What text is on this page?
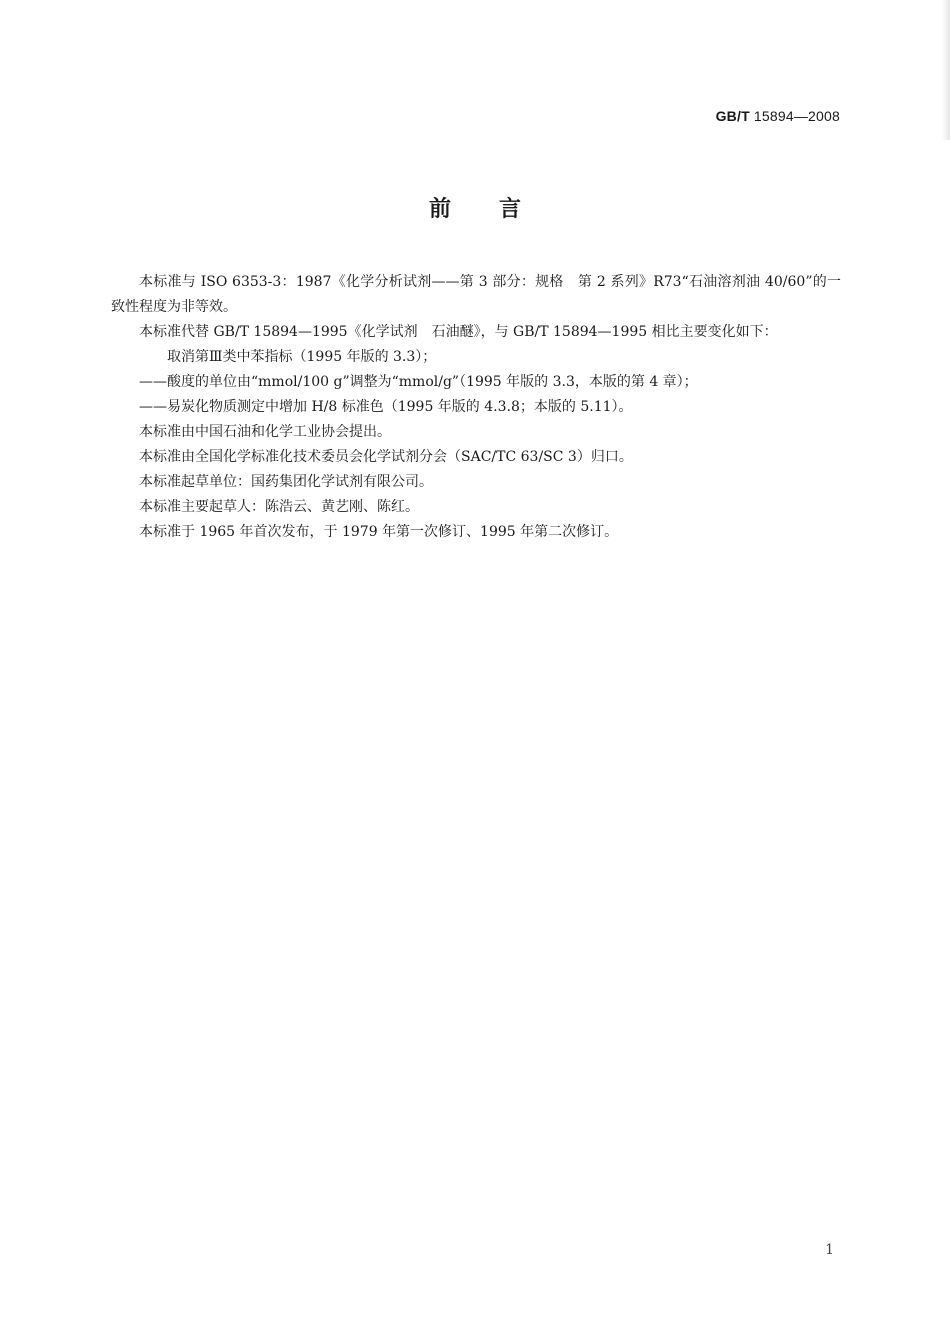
GB/T 15894—2008
前言

本标准与 ISO 6353-3：1987《化学分析试剂——第 3 部分：规格　第 2 系列》R73“石油溶剂油 40/60”的一致性程度为非等效。

本标准代替 GB/T 15894—1995《化学试剂　石油醚》，与 GB/T 15894—1995 相比主要变化如下：

取消第Ⅲ类中苯指标（1995 年版的 3.3）；

——酸度的单位由“mmol/100 g”调整为“mmol/g”（1995 年版的 3.3，本版的第 4 章）；

——易炭化物质测定中增加 H/8 标准色（1995 年版的 4.3.8；本版的 5.11）。

本标准由中国石油和化学工业协会提出。

本标准由全国化学标准化技术委员会化学试剂分会（SAC/TC 63/SC 3）归口。

本标准起草单位：国药集团化学试剂有限公司。

本标准主要起草人：陈浩云、黄艺刚、陈红。

本标准于 1965 年首次发布，于 1979 年第一次修订、1995 年第二次修订。

1
